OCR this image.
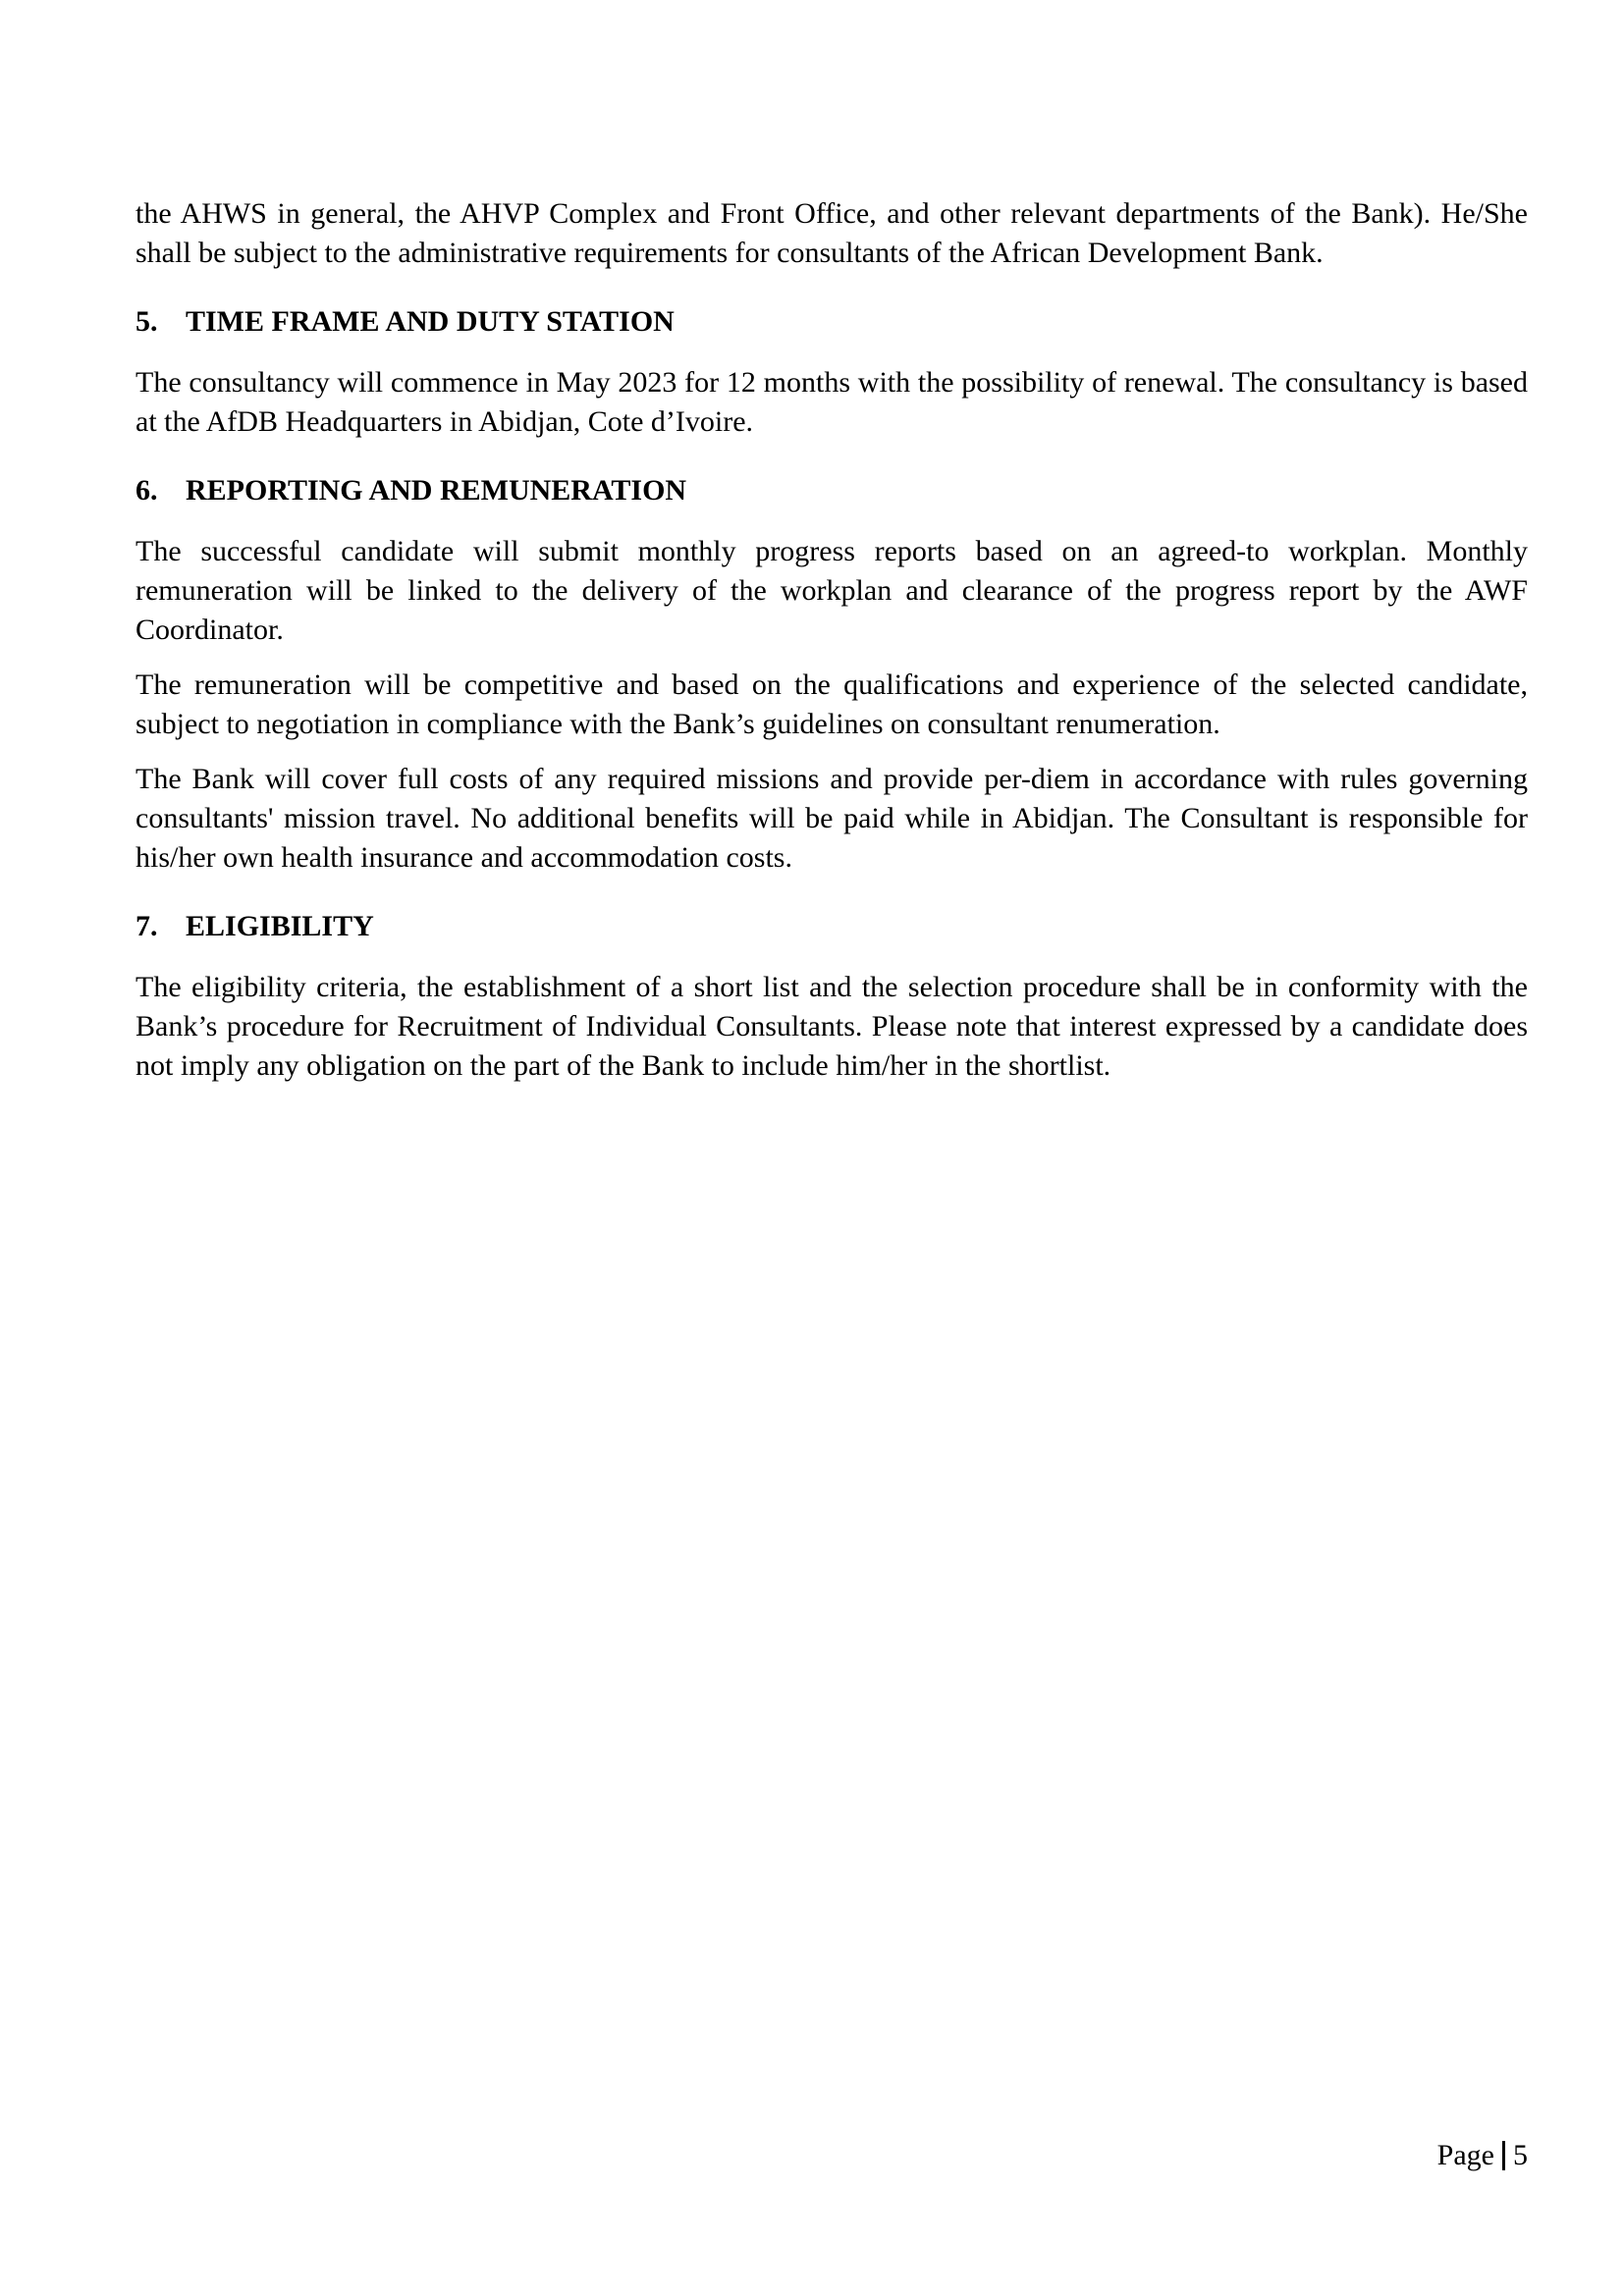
the AHWS in general, the AHVP Complex and Front Office, and other relevant departments of the Bank). He/She shall be subject to the administrative requirements for consultants of the African Development Bank.

5. TIME FRAME AND DUTY STATION

The consultancy will commence in May 2023 for 12 months with the possibility of renewal. The consultancy is based at the AfDB Headquarters in Abidjan, Cote d’Ivoire.

6. REPORTING AND REMUNERATION

The successful candidate will submit monthly progress reports based on an agreed-to workplan. Monthly remuneration will be linked to the delivery of the workplan and clearance of the progress report by the AWF Coordinator.

The remuneration will be competitive and based on the qualifications and experience of the selected candidate, subject to negotiation in compliance with the Bank’s guidelines on consultant renumeration.

The Bank will cover full costs of any required missions and provide per-diem in accordance with rules governing consultants' mission travel. No additional benefits will be paid while in Abidjan. The Consultant is responsible for his/her own health insurance and accommodation costs.

7. ELIGIBILITY

The eligibility criteria, the establishment of a short list and the selection procedure shall be in conformity with the Bank’s procedure for Recruitment of Individual Consultants. Please note that interest expressed by a candidate does not imply any obligation on the part of the Bank to include him/her in the shortlist.

Page 5
